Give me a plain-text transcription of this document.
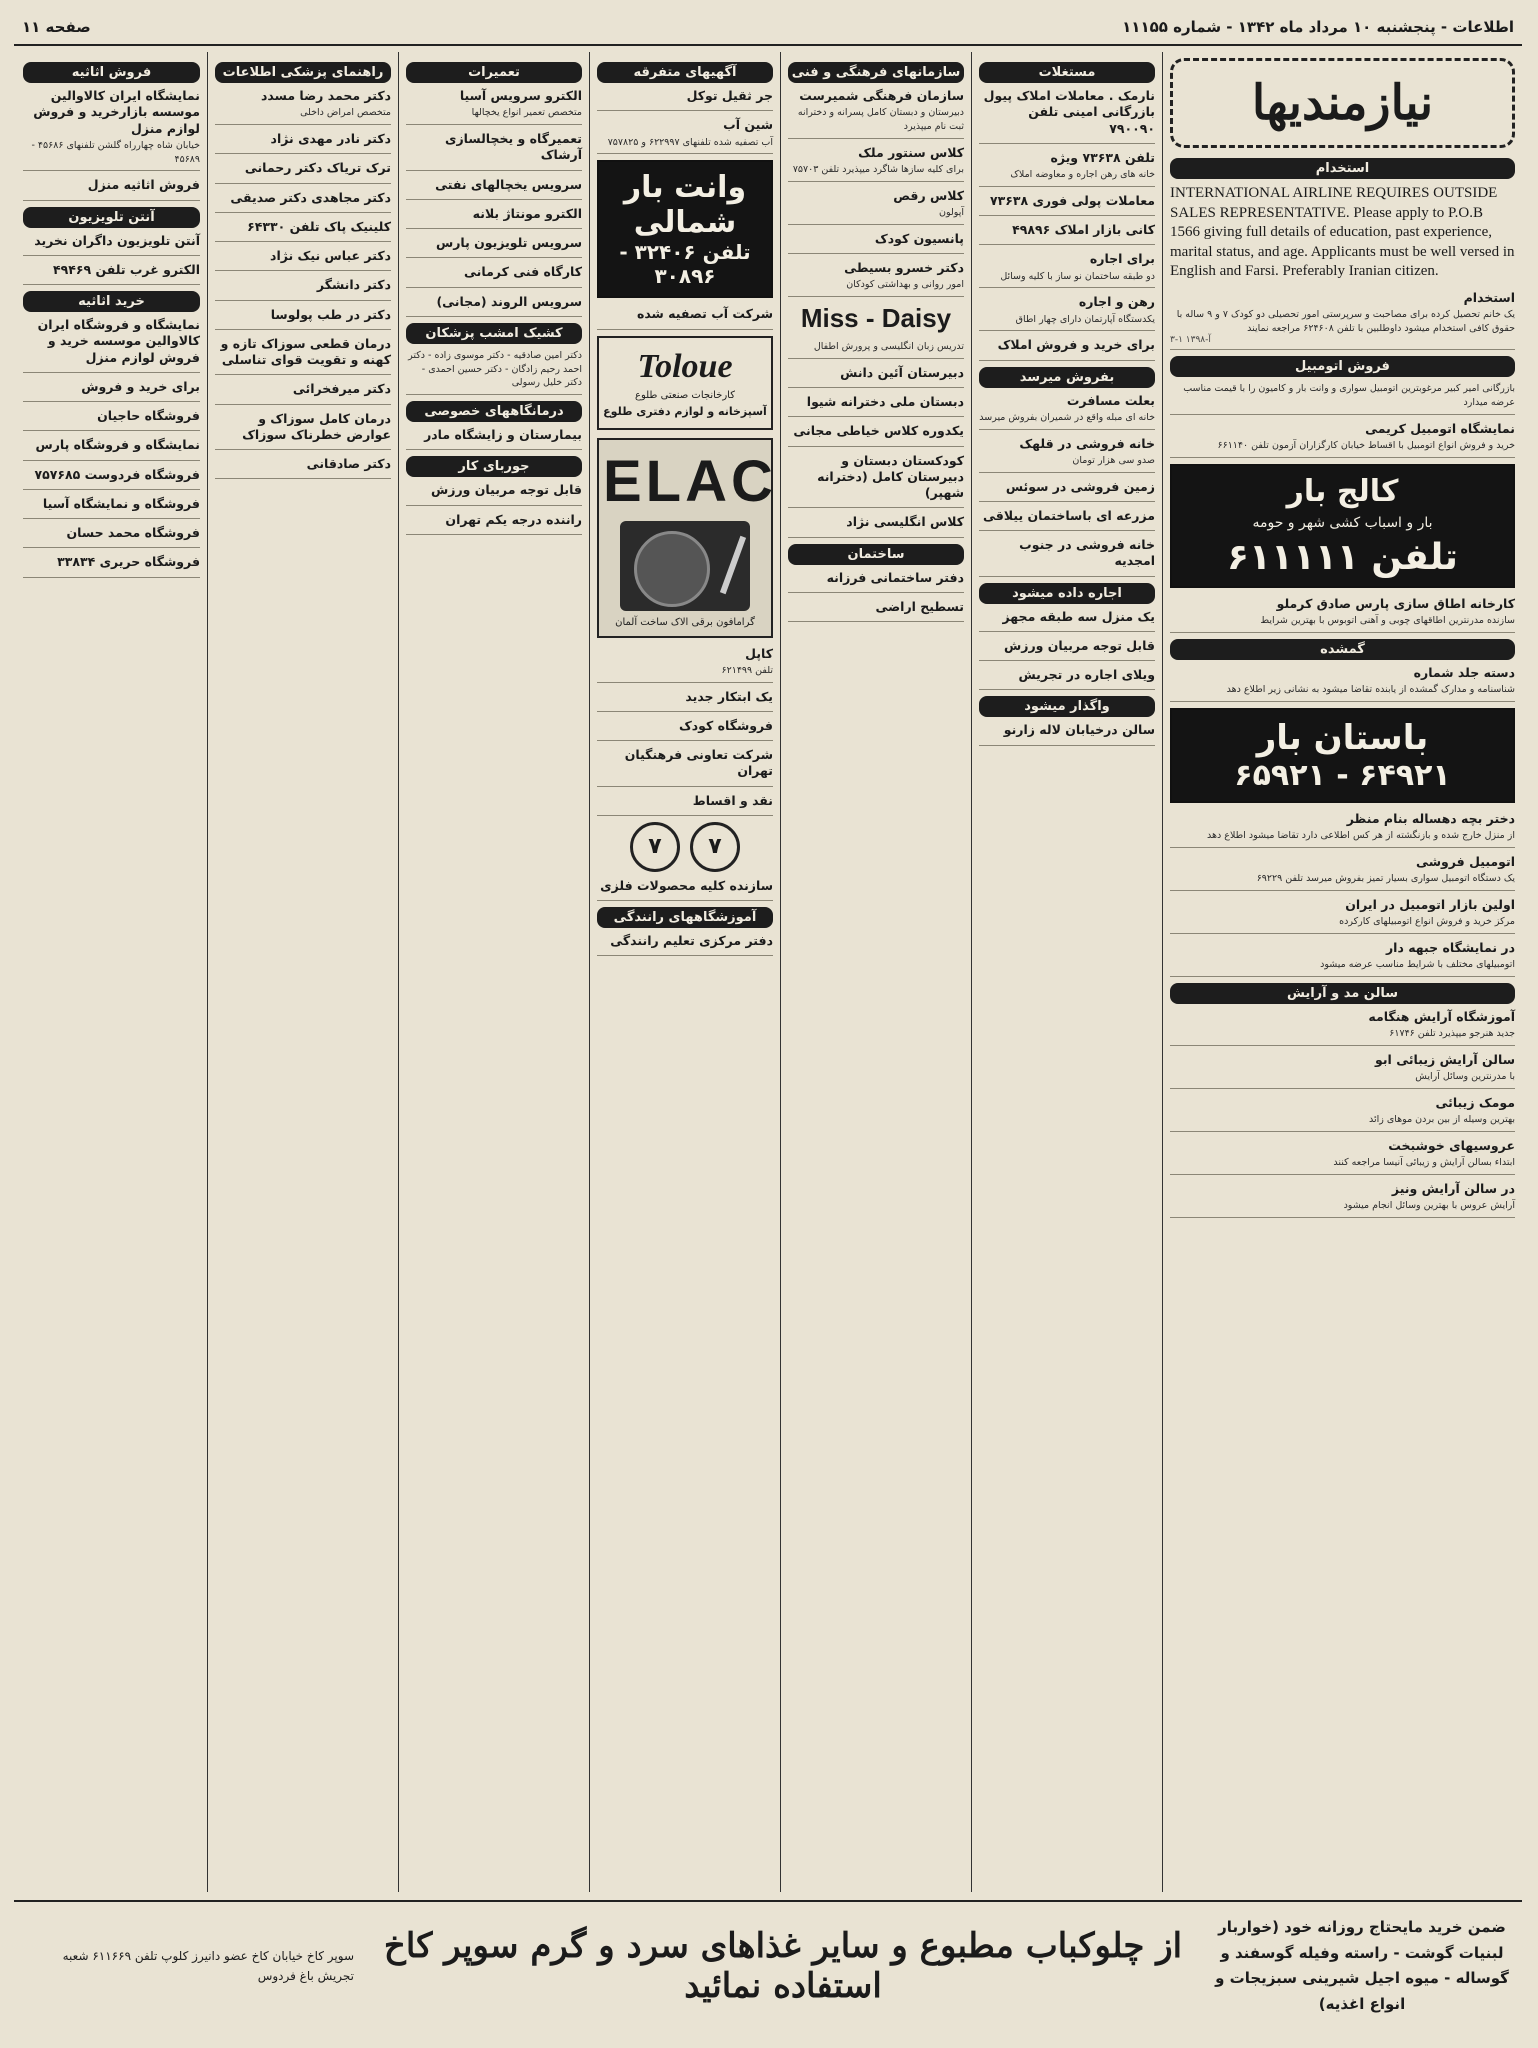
اطلاعات - پنجشنبه ۱۰ مرداد ماه ۱۳۴۲ - شماره ۱۱۱۵۵
صفحه ۱۱
نیازمندیها
استخدام
INTERNATIONAL AIRLINE REQUIRES OUTSIDE SALES REPRESENTATIVE. Please apply to P.O.B 1566 giving full details of education, past experience, marital status, and age. Applicants must be well versed in English and Farsi. Preferably Iranian citizen.
استخدام

یک خانم تحصیل کرده برای مصاحبت و سرپرستی امور تحصیلی دو کودک ۷ و ۹ ساله با حقوق کافی استخدام میشود داوطلبین با تلفن ۶۲۴۶۰۸ مراجعه نمایند

۳-۱ آ-۱۳۹۸
فروش اتومبیل

بازرگانی امیر کبیر مرغوبترین اتومبیل سواری و وانت بار و کامیون را با قیمت مناسب عرضه میدارد

نمایشگاه اتومبیل کریمی

خرید و فروش انواع اتومبیل با اقساط خیابان کارگزاران آزمون تلفن ۶۶۱۱۴۰

کالج بار
بار و اسباب کشی شهر و حومه
تلفن ۶۱۱۱۱۱
کارخانه اطاق سازی پارس صادق کرملو

سازنده مدرنترین اطاقهای چوبی و آهنی اتوبوس با بهترین شرایط

گمشده
دسته جلد شماره

شناسنامه و مدارک گمشده از یابنده تقاضا میشود به نشانی زیر اطلاع دهد

باستان بار
۶۴۹۲۱ - ۶۵۹۲۱
دختر بچه دهساله بنام منظر

از منزل خارج شده و بازنگشته از هر کس اطلاعی دارد تقاضا میشود اطلاع دهد

اتومبیل فروشی

یک دستگاه اتومبیل سواری بسیار تمیز بفروش میرسد تلفن ۶۹۲۲۹

اولین بازار اتومبیل در ایران

مرکز خرید و فروش انواع اتومبیلهای کارکرده

در نمایشگاه جبهه دار

اتومبیلهای مختلف با شرایط مناسب عرضه میشود

سالن مد و آرایش
آموزشگاه آرایش هنگامه

جدید هنرجو میپذیرد تلفن ۶۱۷۴۶

سالن آرایش زیبائی ابو

با مدرنترین وسائل آرایش

مومک زیبائی

بهترین وسیله از بین بردن موهای زائد

عروسیهای خوشبخت

ابتداء بسالن آرایش و زیبائی آنیسا مراجعه کنند

در سالن آرایش ونیز

آرایش عروس با بهترین وسائل انجام میشود

مستغلات
نارمک . معاملات املاک پیول بازرگانی امینی تلفن ۷۹۰۰۹۰
تلفن ۷۳۶۳۸ ویژه

خانه های رهن اجاره و معاوضه املاک

معاملات پولی فوری ۷۳۶۳۸
کانی بازار املاک ۴۹۸۹۶
برای اجاره

دو طبقه ساختمان نو ساز با کلیه وسائل

رهن و اجاره

یکدستگاه آپارتمان دارای چهار اطاق

برای خرید و فروش املاک
بفروش میرسد
بعلت مسافرت

خانه ای مبله واقع در شمیران بفروش میرسد

خانه فروشی در قلهک

صدو سی هزار تومان

زمین فروشی در سوئس
مزرعه ای باساختمان ییلاقی
خانه فروشی در جنوب امجدیه
اجاره داده میشود
یک منزل سه طبقه مجهز
قابل توجه مربیان ورزش
ویلای اجاره در تجریش
واگذار میشود
سالن درخیابان لاله زارنو
سازمانهای فرهنگی و فنی
سازمان فرهنگی شمیرست

دبیرستان و دبستان کامل پسرانه و دخترانه ثبت نام میپذیرد

کلاس سنتور ملک

برای کلیه سازها شاگرد میپذیرد تلفن ۷۵۷۰۳

کلاس رقص

آپولون

پانسیون کودک
دکتر خسرو بسیطی

امور روانی و بهداشتی کودکان

Miss - Daisy

تدریس زبان انگلیسی و پرورش اطفال

دبیرستان آئین دانش
دبستان ملی دخترانه شیوا
یکدوره کلاس خیاطی مجانی
کودکستان دبستان و دبیرستان کامل (دخترانه شهپر)
کلاس انگلیسی نژاد
ساختمان
دفتر ساختمانی فرزانه
تسطیح اراضی
آگهیهای متفرقه
جر ثقیل توکل
شین آب

آب تصفیه شده تلفنهای ۶۲۲۹۹۷ و ۷۵۷۸۲۵

وانت بار شمالی
تلفن ۳۲۴۰۶ - ۳۰۸۹۶
شرکت آب تصفیه شده
Toloue

کارخانجات صنعتی طلوع

آسپزخانه و لوازم دفتری طلوع

ELAC

گرامافون برقی الاک ساخت آلمان

کاپل

تلفن ۶۲۱۴۹۹

یک ابتکار جدید
فروشگاه کودک
شرکت تعاونی فرهنگیان تهران
نقد و اقساط
۷
۷
سازنده کلیه محصولات فلزی
آموزشگاههای رانندگی
دفتر مرکزی تعلیم رانندگی
تعمیرات
الکترو سرویس آسیا

متخصص تعمیر انواع یخچالها

تعمیرگاه و یخچالسازی آرشاک
سرویس یخچالهای نفتی
الکترو مونتاژ بلانه
سرویس تلویزیون پارس
کارگاه فنی کرمانی
سرویس الروند (مجانی)
کشیک امشب پزشکان

دکتر امین صادقیه - دکتر موسوی زاده - دکتر احمد رحیم زادگان - دکتر حسین احمدی - دکتر خلیل رسولی

درمانگاههای خصوصی
بیمارستان و زایشگاه مادر
جوربای کار
قابل توجه مربیان ورزش
راننده درجه یکم تهران
راهنمای پزشکی اطلاعات
دکتر محمد رضا مسدد

متخصص امراض داخلی

دکتر نادر مهدی نژاد
ترک تریاک دکتر رحمانی
دکتر مجاهدی دکتر صدیقی
کلینیک پاک تلفن ۶۴۳۳۰
دکتر عباس نیک نژاد
دکتر دانشگر
دکتر در طب پولوسا
درمان قطعی سوزاک تازه و کهنه و تقویت قوای تناسلی
دکتر میرفخرائی
درمان کامل سوزاک و عوارض خطرناک سوزاک
دکتر صادقانی
فروش اثاثیه
نمایشگاه ایران کالاوالین موسسه بازارخرید و فروش لوازم منزل

خیابان شاه چهارراه گلشن تلفنهای ۴۵۶۸۶ - ۴۵۶۸۹

فروش اثاثیه منزل
آنتن تلویزیون
آنتن تلویزیون داگران نخرید
الکترو غرب تلفن ۴۹۴۶۹
خرید اثاثیه
نمایشگاه و فروشگاه ایران کالاوالین موسسه خرید و فروش لوازم منزل
برای خرید و فروش
فروشگاه حاجیان
نمایشگاه و فروشگاه پارس
فروشگاه فردوست ۷۵۷۶۸۵
فروشگاه و نمایشگاه آسیا
فروشگاه محمد حسان
فروشگاه حریری ۳۳۸۳۴
ضمن خرید مایحتاج روزانه خود (خواربار لبنیات گوشت - راسته وفیله گوسفند و گوساله - میوه اجیل شیرینی سبزیجات و انواع اغذیه)
از چلوکباب مطبوع و سایر غذاهای سرد و گرم سوپر کاخ استفاده نمائید
سوپر کاخ خیابان کاخ عضو دانیرز کلوپ تلفن ۶۱۱۶۶۹ شعبه تجریش باغ فردوس
